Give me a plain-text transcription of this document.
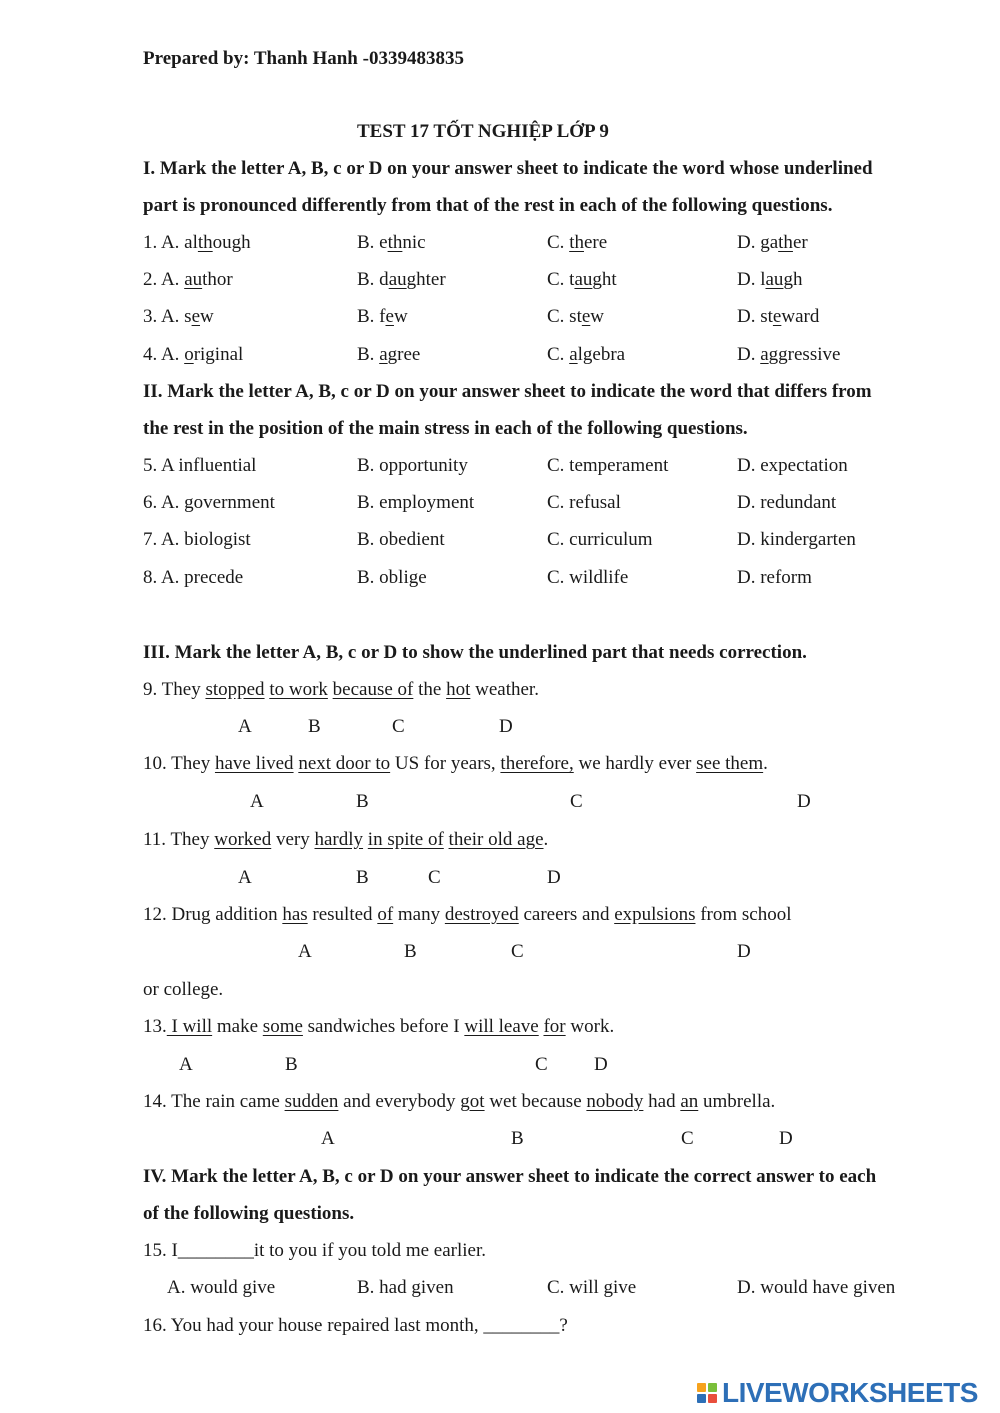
Prepared by: Thanh Hanh -0339483835
TEST 17 TỐT NGHIỆP LỚP 9
I. Mark the letter A, B, c or D on your answer sheet to indicate the word whose underlined
part is pronounced differently from that of the rest in each of the following questions.
1. A. although	B. ethnic	C. there	D. gather
2. A. author	B. daughter	C. taught	D. laugh
3. A. sew	B. few	C. stew	D. steward
4. A. original	B. agree	C. algebra	D. aggressive
II. Mark the letter A, B, c or D on your answer sheet to indicate the word that differs from
the rest in the position of the main stress in each of the following questions.
5. A influential	B. opportunity	C. temperament	D. expectation
6. A. government	B. employment	C. refusal	D. redundant
7. A. biologist	B. obedient	C. curriculum	D. kindergarten
8. A. precede	B. oblige	C. wildlife	D. reform
III. Mark the letter A, B, c or D to show the underlined part that needs correction.
9. They stopped to work because of the hot weather.
A	B	C	D
10. They have lived next door to US for years, therefore, we hardly ever see them.
A	B	C	D
11. They worked very hardly in spite of their old age.
A	B	C	D
12. Drug addition has resulted of many destroyed careers and expulsions from school
A	B	C	D
or college.
13. I will make some sandwiches before I will leave for work.
A	B	C D
14. The rain came sudden and everybody got wet because nobody had an umbrella.
A	B	C	D
IV. Mark the letter A, B, c or D on your answer sheet to indicate the correct answer to each
of the following questions.
15. I________it to you if you told me earlier.
A. would give	B. had given	C. will give	D. would have given
16. You had your house repaired last month, ________?
LIVEWORKSHEETS
